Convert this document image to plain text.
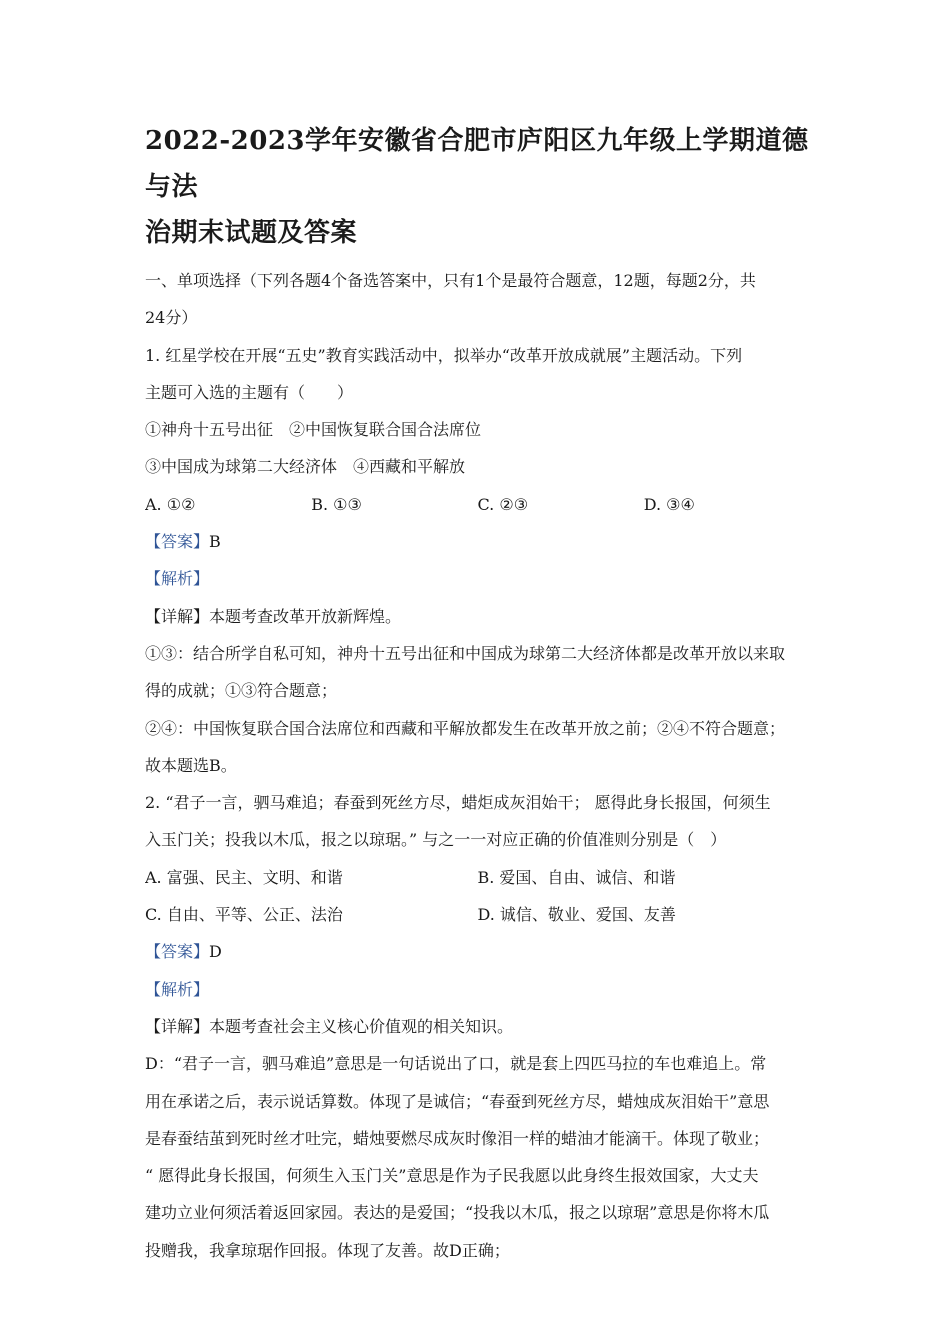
2022-2023学年安徽省合肥市庐阳区九年级上学期道德与法
治期末试题及答案
一、单项选择（下列各题4个备选答案中，只有1个是最符合题意，12题，每题2分，共
24分）
1. 红星学校在开展“五史”教育实践活动中，拟举办“改革开放成就展”主题活动。下列
主题可入选的主题有（　　）
①神舟十五号出征　②中国恢复联合国合法席位
③中国成为球第二大经济体　④西藏和平解放
A. ①②	B. ①③	C. ②③	D. ③④
【答案】B
【解析】
【详解】本题考查改革开放新辉煌。
①③：结合所学自私可知，神舟十五号出征和中国成为球第二大经济体都是改革开放以来取
得的成就；①③符合题意；
②④：中国恢复联合国合法席位和西藏和平解放都发生在改革开放之前；②④不符合题意；
故本题选B。
2. “君子一言，驷马难追；春蚕到死丝方尽，蜡炬成灰泪始干； 愿得此身长报国，何须生
入玉门关；投我以木瓜，报之以琼琚。” 与之一一对应正确的价值准则分别是（　）
A. 富强、民主、文明、和谐	B. 爱国、自由、诚信、和谐
C. 自由、平等、公正、法治	D. 诚信、敬业、爱国、友善
【答案】D
【解析】
【详解】本题考查社会主义核心价值观的相关知识。
D：“君子一言，驷马难追”意思是一句话说出了口，就是套上四匹马拉的车也难追上。常
用在承诺之后，表示说话算数。体现了是诚信；“春蚕到死丝方尽，蜡烛成灰泪始干”意思
是春蚕结茧到死时丝才吐完，蜡烛要燃尽成灰时像泪一样的蜡油才能滴干。体现了敬业；
“ 愿得此身长报国，何须生入玉门关”意思是作为子民我愿以此身终生报效国家，大丈夫
建功立业何须活着返回家园。表达的是爱国；“投我以木瓜，报之以琼琚”意思是你将木瓜
投赠我，我拿琼琚作回报。体现了友善。故D正确；
